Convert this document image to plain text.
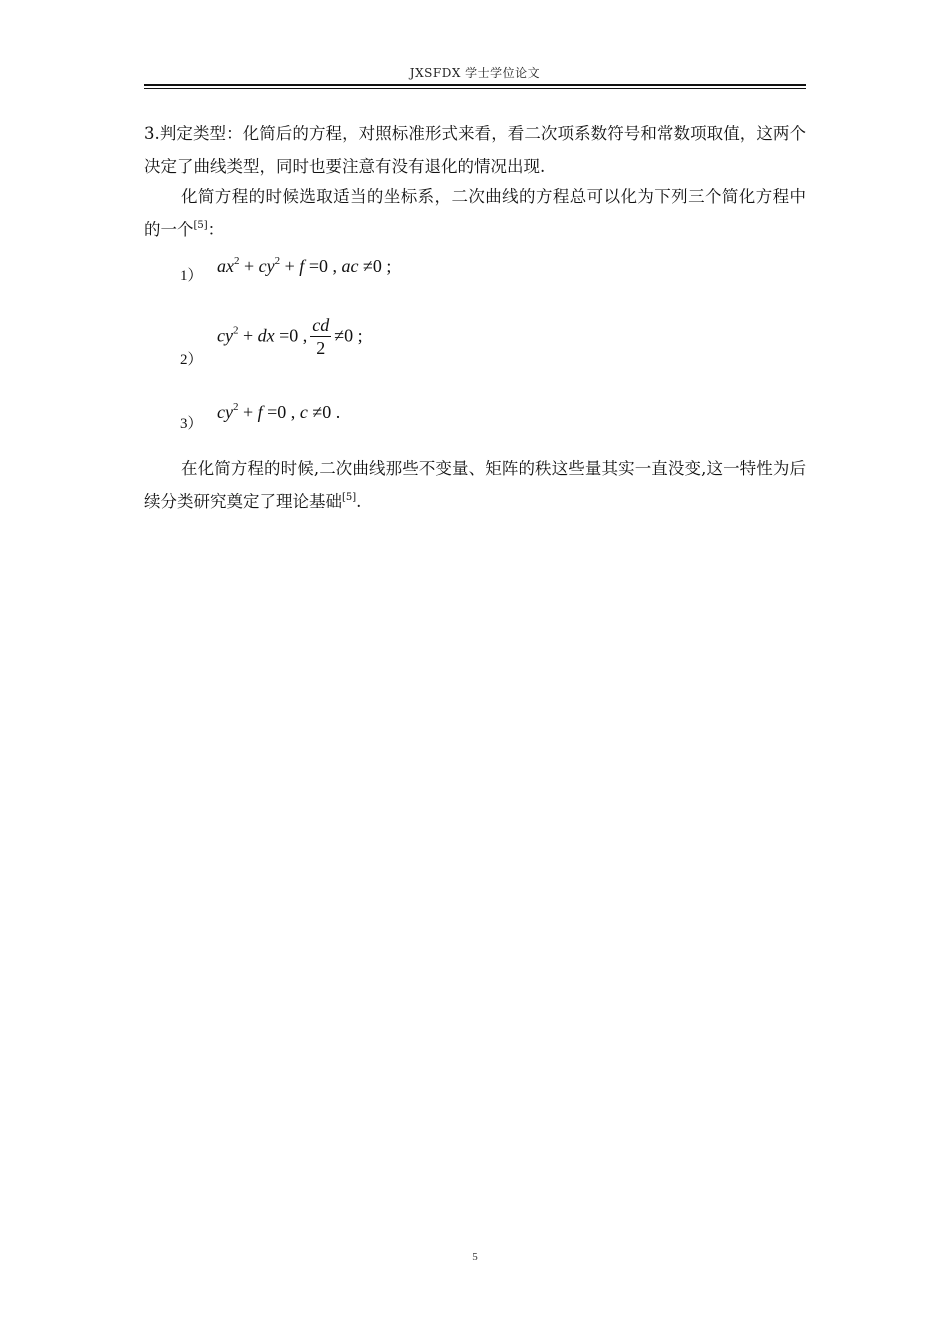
JXSFDX 学士学位论文
3.判定类型：化简后的方程，对照标准形式来看，看二次项系数符号和常数项取值，这两个决定了曲线类型，同时也要注意有没有退化的情况出现.
化简方程的时候选取适当的坐标系，二次曲线的方程总可以化为下列三个简化方程中的一个[5]：
1） $ax^2 + cy^2 + f =0$ , ac ≠0 ;
2）
$cy^2$ + dx =0 , $\frac{cd}{2} \ne 0$ ;
3）
$cy^2 + f =0$ , c ≠0 .
在化简方程的时候,二次曲线那些不变量、矩阵的秩这些量其实一直没变,这一特性为后续分类研究奠定了理论基础[5].
5
